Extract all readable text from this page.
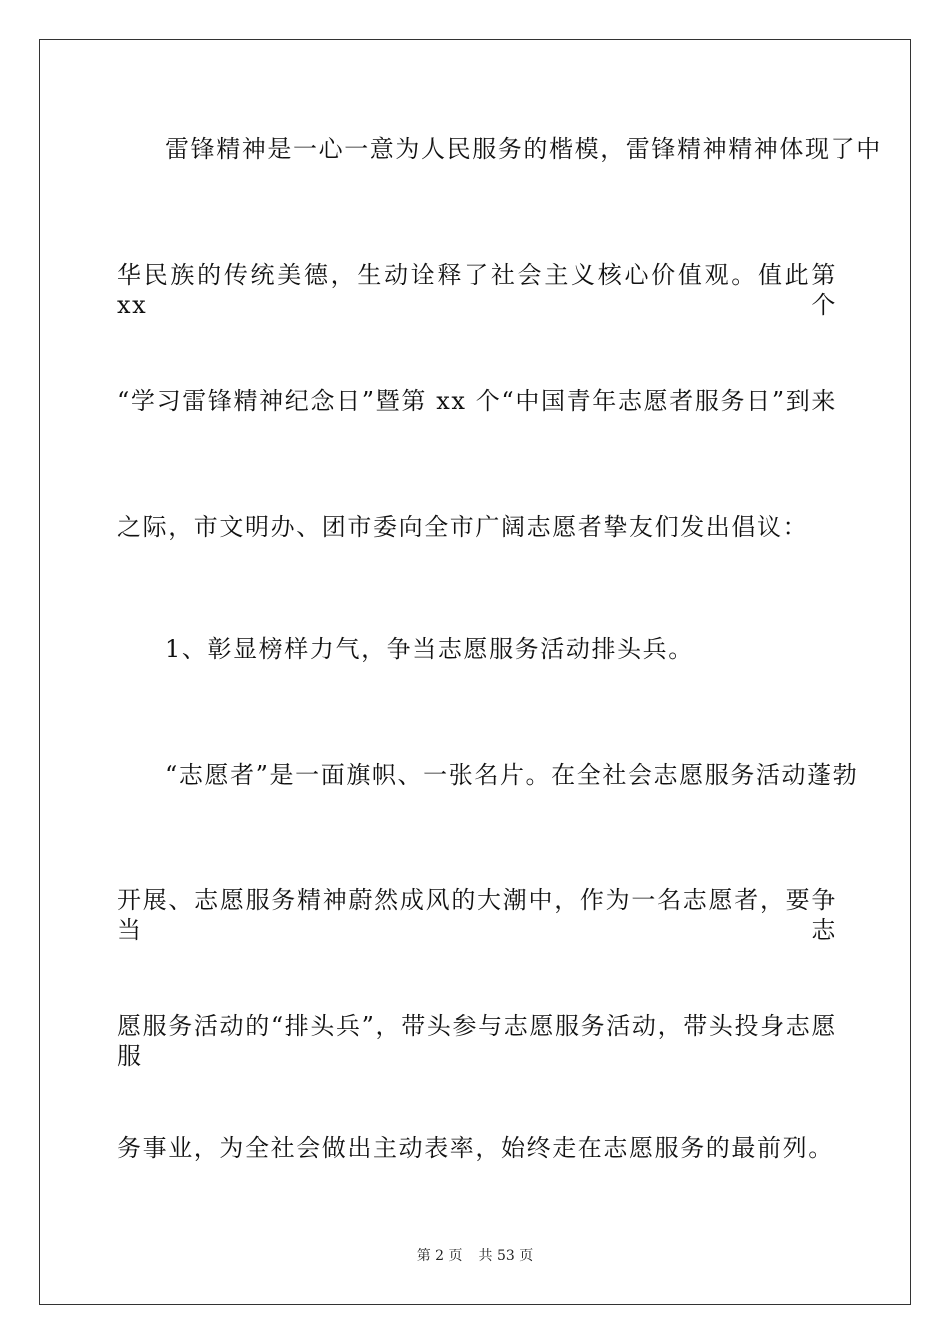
雷锋精神是一心一意为人民服务的楷模，雷锋精神精神体现了中
华民族的传统美德，生动诠释了社会主义核心价值观。值此第 xx 个
“学习雷锋精神纪念日”暨第 xx 个“中国青年志愿者服务日”到来
之际，市文明办、团市委向全市广阔志愿者挚友们发出倡议：
1、彰显榜样力气，争当志愿服务活动排头兵。
“志愿者”是一面旗帜、一张名片。在全社会志愿服务活动蓬勃
开展、志愿服务精神蔚然成风的大潮中，作为一名志愿者，要争当志
愿服务活动的“排头兵”，带头参与志愿服务活动，带头投身志愿服
务事业，为全社会做出主动表率，始终走在志愿服务的最前列。
第 2 页 共 53 页
